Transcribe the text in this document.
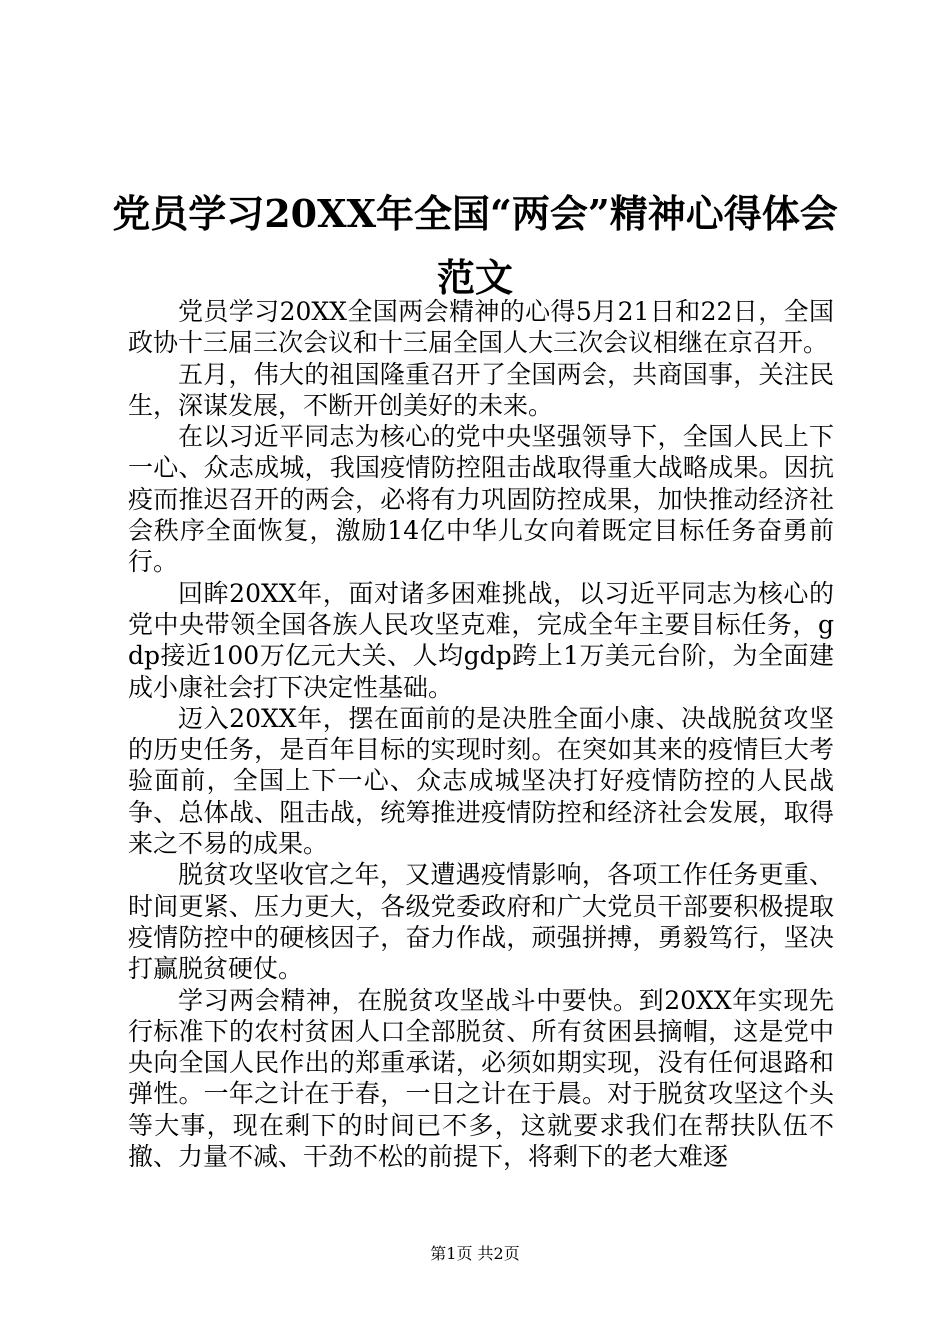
党员学习20XX年全国“两会”精神心得体会范文

党员学习20XX全国两会精神的心得5月21日和22日，全国政协十三届三次会议和十三届全国人大三次会议相继在京召开。

五月，伟大的祖国隆重召开了全国两会，共商国事，关注民生，深谋发展，不断开创美好的未来。

在以习近平同志为核心的党中央坚强领导下，全国人民上下一心、众志成城，我国疫情防控阻击战取得重大战略成果。因抗疫而推迟召开的两会，必将有力巩固防控成果，加快推动经济社会秩序全面恢复，激励14亿中华儿女向着既定目标任务奋勇前行。

回眸20XX年，面对诸多困难挑战，以习近平同志为核心的党中央带领全国各族人民攻坚克难，完成全年主要目标任务，gdp接近100万亿元大关、人均gdp跨上1万美元台阶，为全面建成小康社会打下决定性基础。

迈入20XX年，摆在面前的是决胜全面小康、决战脱贫攻坚的历史任务，是百年目标的实现时刻。在突如其来的疫情巨大考验面前，全国上下一心、众志成城坚决打好疫情防控的人民战争、总体战、阻击战，统筹推进疫情防控和经济社会发展，取得来之不易的成果。

脱贫攻坚收官之年，又遭遇疫情影响，各项工作任务更重、时间更紧、压力更大，各级党委政府和广大党员干部要积极提取疫情防控中的硬核因子，奋力作战，顽强拼搏，勇毅笃行，坚决打赢脱贫硬仗。

学习两会精神，在脱贫攻坚战斗中要快。到20XX年实现先行标准下的农村贫困人口全部脱贫、所有贫困县摘帽，这是党中央向全国人民作出的郑重承诺，必须如期实现，没有任何退路和弹性。一年之计在于春，一日之计在于晨。对于脱贫攻坚这个头等大事，现在剩下的时间已不多，这就要求我们在帮扶队伍不撤、力量不减、干劲不松的前提下，将剩下的老大难逐

第1页 共2页
